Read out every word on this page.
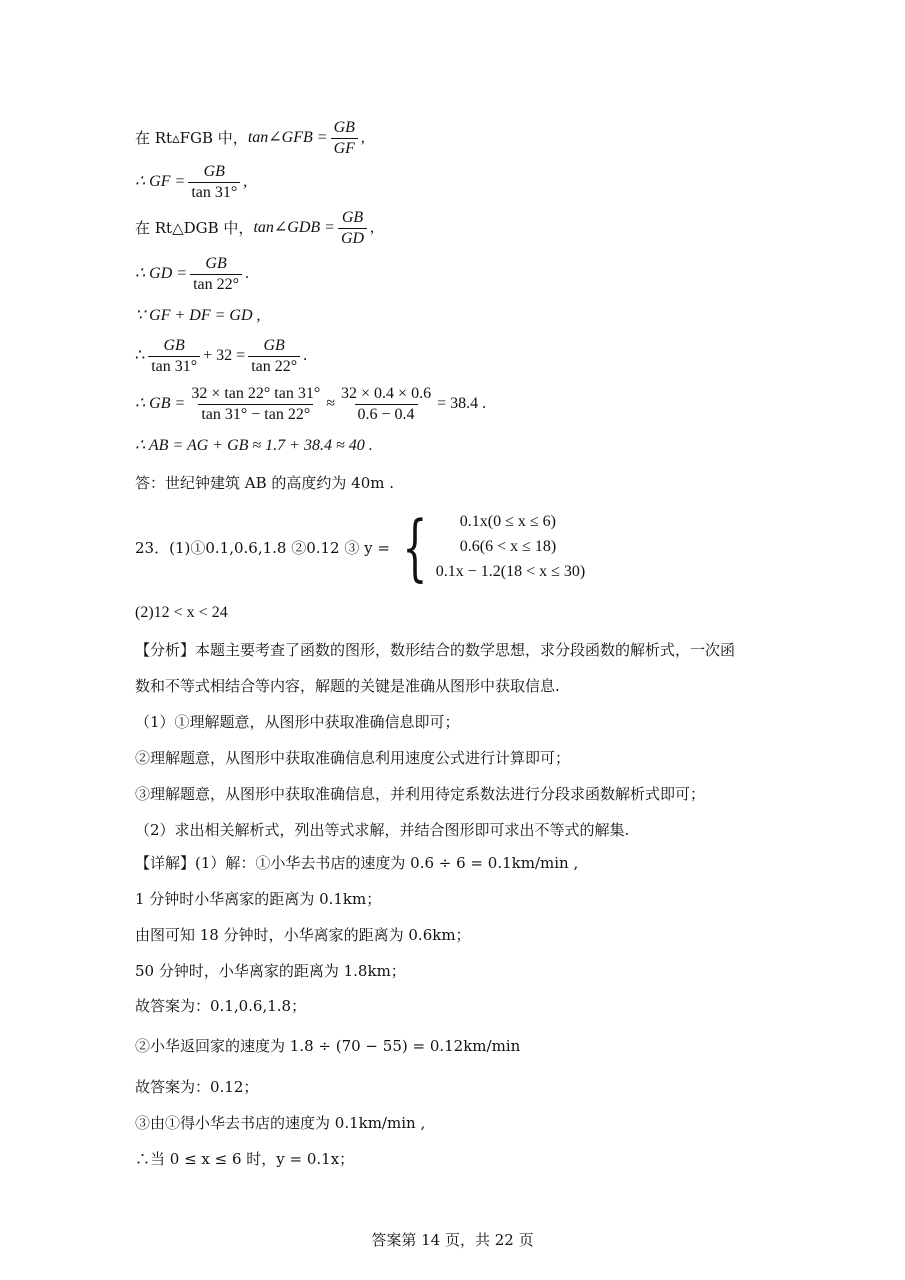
在 Rt▵FGB 中， tan∠GFB = $\frac{GB}{GF}$ ,
∴ GF = $\frac{GB}{\tan 31^\circ}$ ,
在 Rt△DGB 中， tan∠GDB = $\frac{GB}{GD}$ ,
∴ GD = $\frac{GB}{\tan 22^\circ}$ .
∵ GF + DF = GD ,
∴ $\frac{GB}{\tan 31^\circ} + 32 = \frac{GB}{\tan 22^\circ}$ .
∴ GB = $\frac{32 \times \tan 22^\circ \tan 31^\circ}{\tan 31^\circ - \tan 22^\circ} \approx \frac{32 \times 0.4 \times 0.6}{0.6 - 0.4} = 38.4$ .
∴ AB = AG + GB ≈ 1.7 + 38.4 ≈ 40 .
答：世纪钟建筑 AB 的高度约为 40m .
23．(1)①0.1,0.6,1.8 ②0.12 ③ y = {	0.1x(0 ≤ x ≤ 6)
0.6(6 < x ≤ 18)
0.1x − 1.2(18 < x ≤ 30)
(2)12 < x < 24
【分析】本题主要考查了函数的图形，数形结合的数学思想，求分段函数的解析式，一次函
数和不等式相结合等内容，解题的关键是准确从图形中获取信息.
（1）①理解题意，从图形中获取准确信息即可；
②理解题意，从图形中获取准确信息利用速度公式进行计算即可；
③理解题意，从图形中获取准确信息，并利用待定系数法进行分段求函数解析式即可；
（2）求出相关解析式，列出等式求解，并结合图形即可求出不等式的解集.
【详解】(1）解：①小华去书店的速度为 0.6 ÷ 6 = 0.1km/min ,
1 分钟时小华离家的距离为 0.1km；
由图可知 18 分钟时，小华离家的距离为 0.6km；
50 分钟时，小华离家的距离为 1.8km；
故答案为：0.1,0.6,1.8；
②小华返回家的速度为 1.8 ÷ (70 − 55) = 0.12km/min
故答案为：0.12；
③由①得小华去书店的速度为 0.1km/min ,
∴当 0 ≤ x ≤ 6 时，y = 0.1x；
答案第 14 页，共 22 页
